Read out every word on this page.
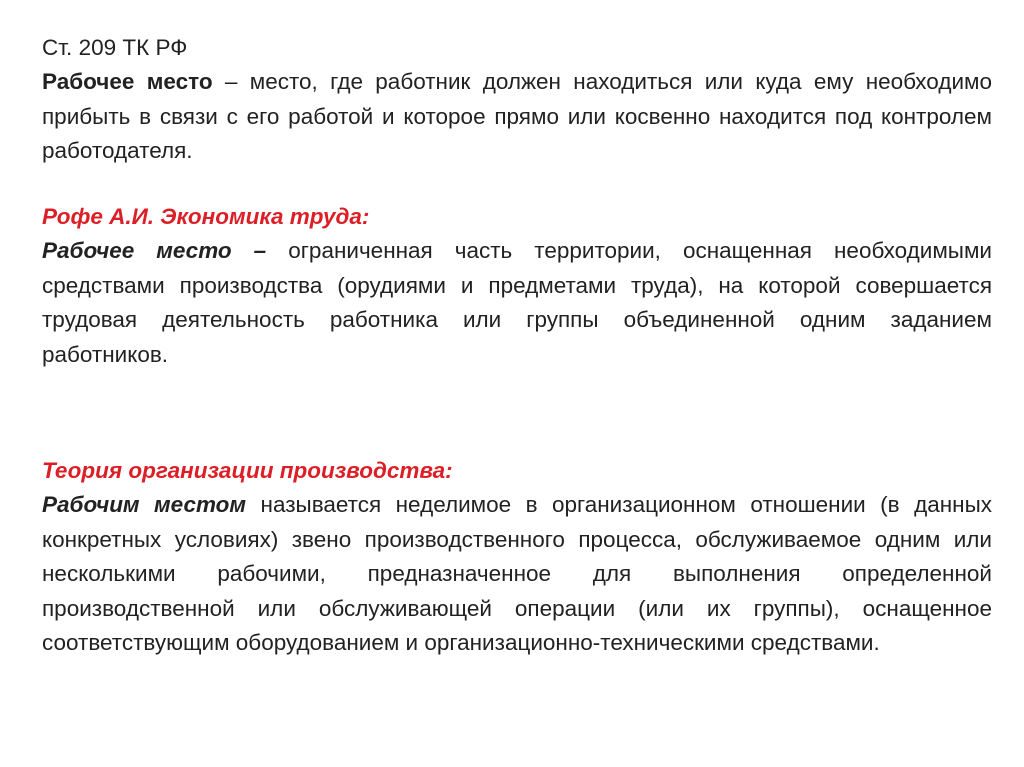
Ст. 209 ТК РФ
Рабочее место – место, где работник должен находиться или куда ему необходимо прибыть в связи с его работой и которое прямо или косвенно находится под контролем работодателя.
Рофе А.И. Экономика труда:
Рабочее место – ограниченная часть территории, оснащенная необходимыми средствами производства (орудиями и предметами труда), на которой совершается трудовая деятельность работника или группы объединенной одним заданием работников.
Теория организации производства:
Рабочим местом называется неделимое в организационном отношении (в данных конкретных условиях) звено производственного процесса, обслуживаемое одним или несколькими рабочими, предназначенное для выполнения определенной производственной или обслуживающей операции (или их группы), оснащенное соответствующим оборудованием и организационно-техническими средствами.
